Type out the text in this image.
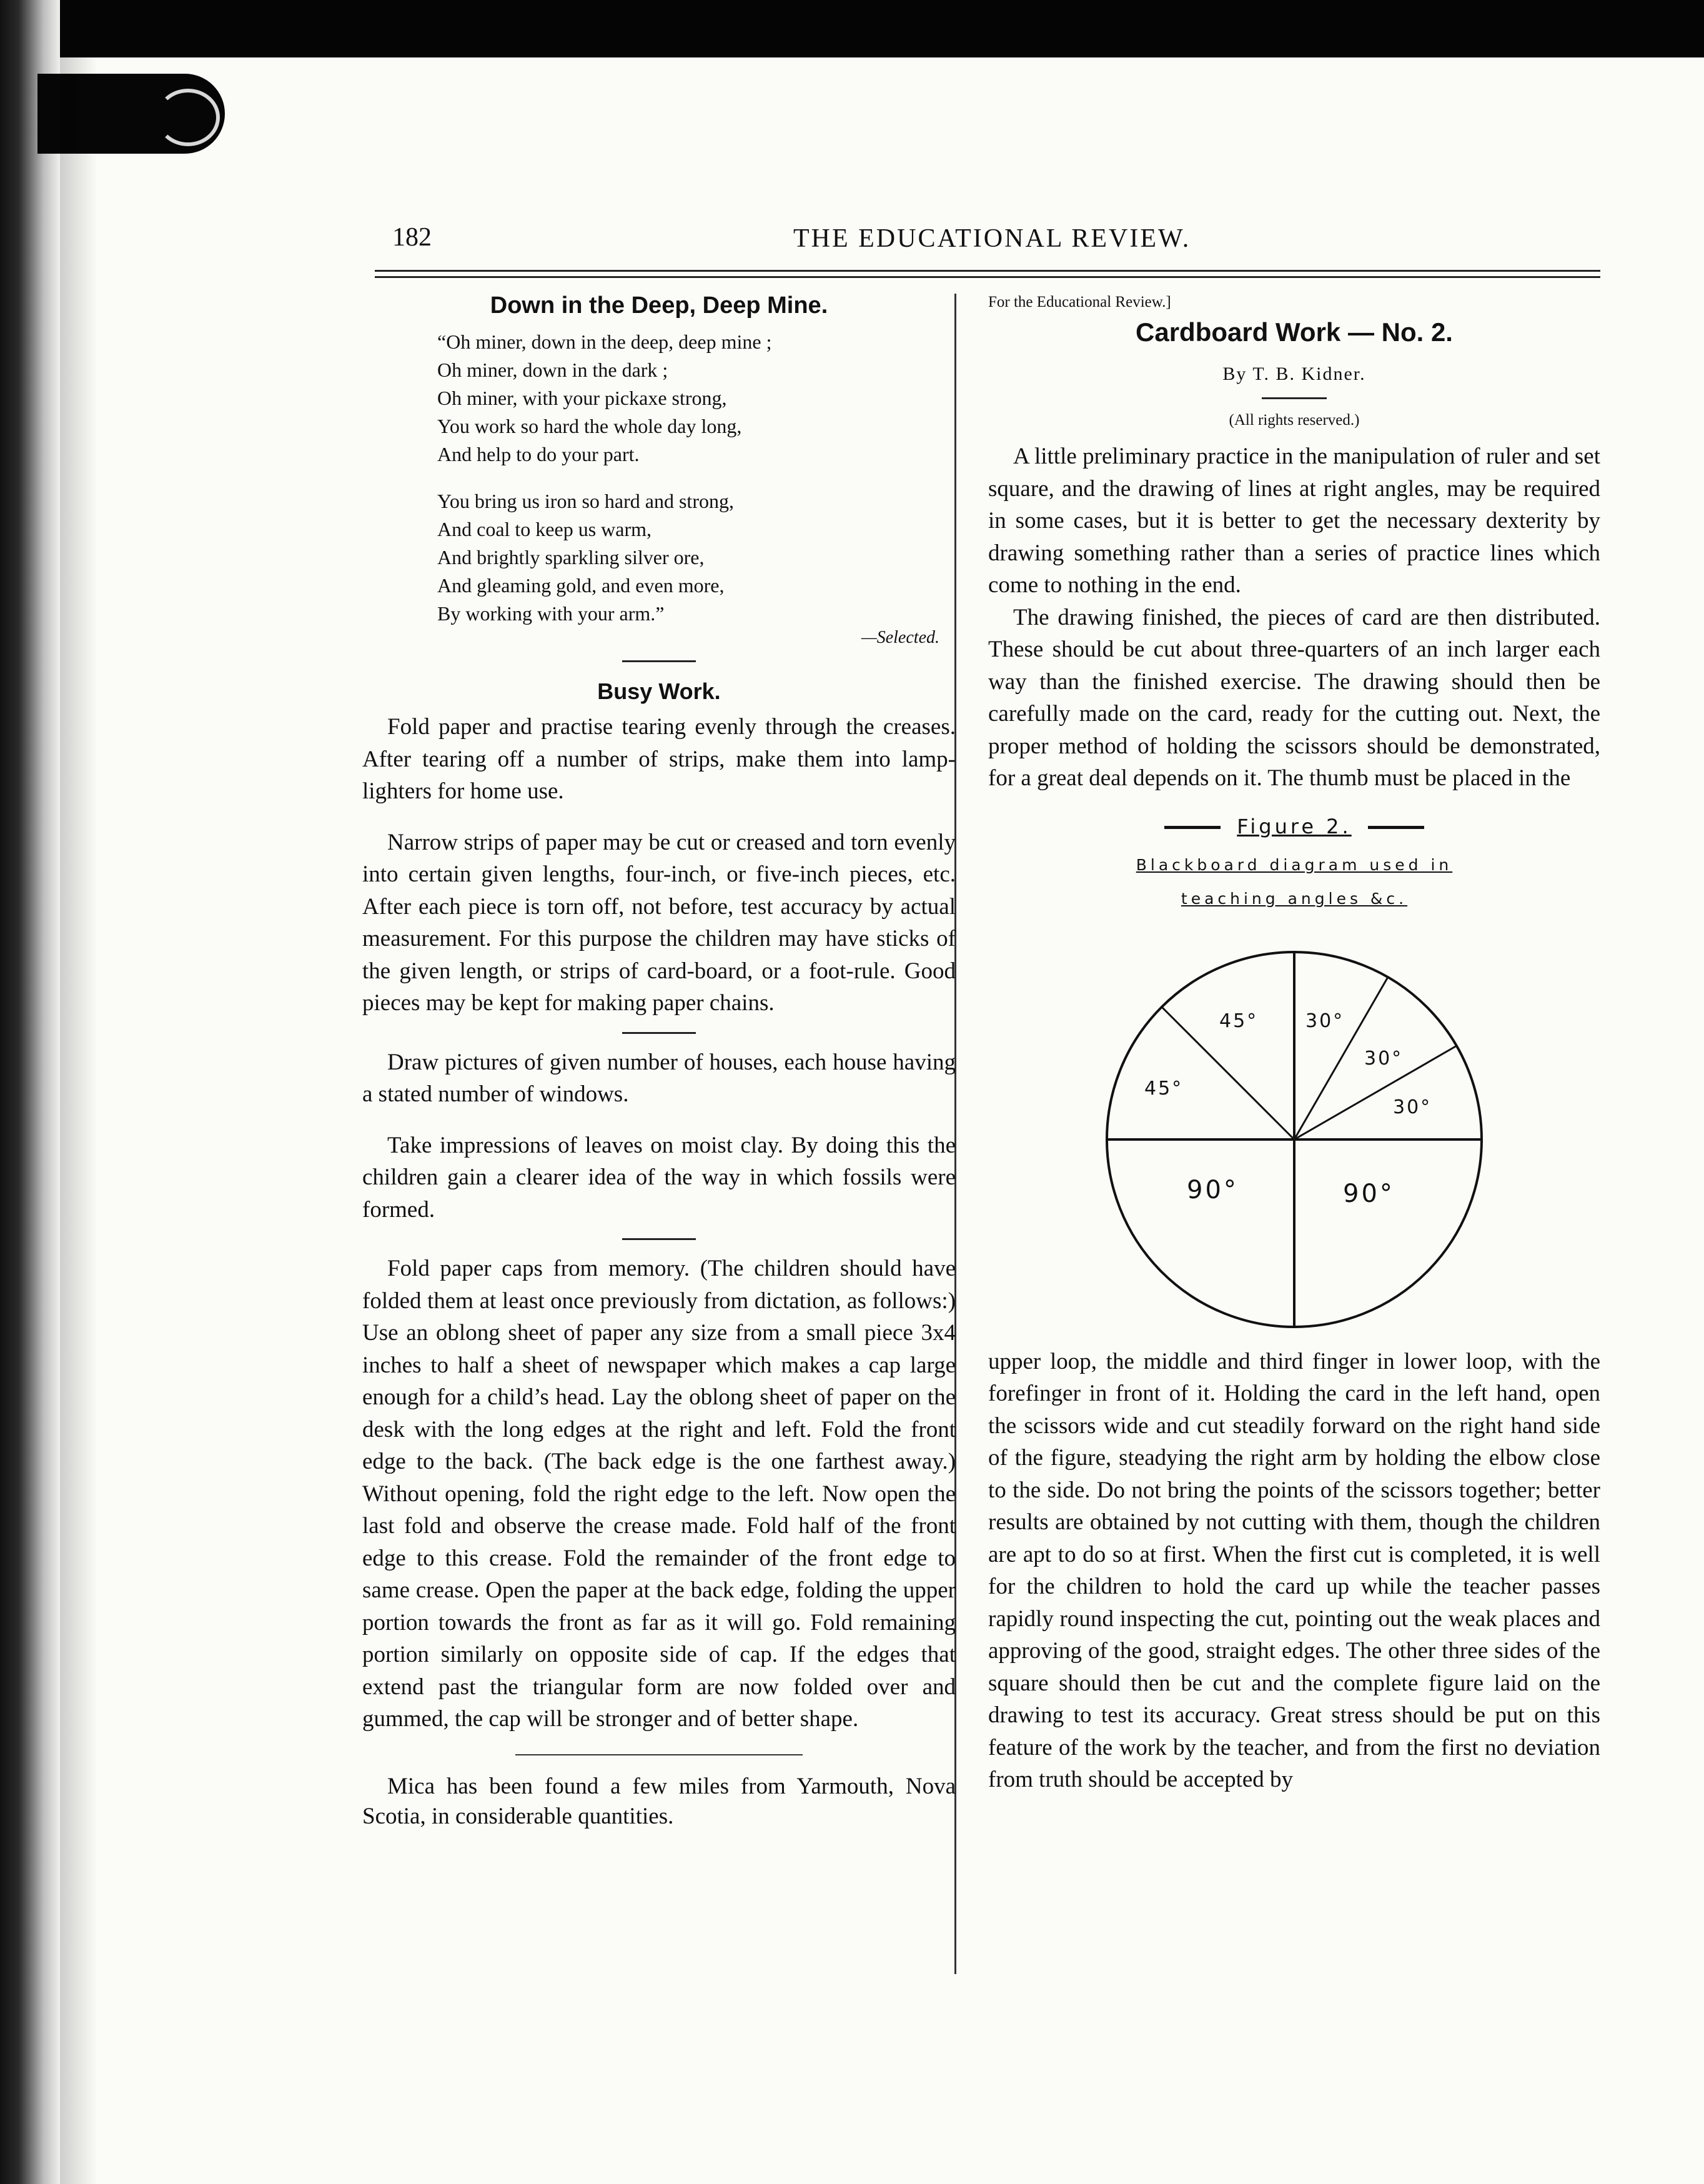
182	THE EDUCATIONAL REVIEW.
Down in the Deep, Deep Mine.
“Oh miner, down in the deep, deep mine ;
Oh miner, down in the dark ;
Oh miner, with your pickaxe strong,
You work so hard the whole day long,
And help to do your part.
You bring us iron so hard and strong,
And coal to keep us warm,
And brightly sparkling silver ore,
And gleaming gold, and even more,
By working with your arm.”

—Selected.

Busy Work.

Fold paper and practise tearing evenly through the creases. After tearing off a number of strips, make them into lamp-lighters for home use.

Narrow strips of paper may be cut or creased and torn evenly into certain given lengths, four-inch, or five-inch pieces, etc. After each piece is torn off, not before, test accuracy by actual measurement. For this purpose the children may have sticks of the given length, or strips of card-board, or a foot-rule. Good pieces may be kept for making paper chains.

Draw pictures of given number of houses, each house having a stated number of windows.

Take impressions of leaves on moist clay. By doing this the children gain a clearer idea of the way in which fossils were formed.

Fold paper caps from memory. (The children should have folded them at least once previously from dictation, as follows:) Use an oblong sheet of paper any size from a small piece 3x4 inches to half a sheet of newspaper which makes a cap large enough for a child’s head. Lay the oblong sheet of paper on the desk with the long edges at the right and left. Fold the front edge to the back. (The back edge is the one farthest away.) Without opening, fold the right edge to the left. Now open the last fold and observe the crease made. Fold half of the front edge to this crease. Fold the remainder of the front edge to same crease. Open the paper at the back edge, folding the upper portion towards the front as far as it will go. Fold remaining portion similarly on opposite side of cap. If the edges that extend past the triangular form are now folded over and gummed, the cap will be stronger and of better shape.

Mica has been found a few miles from Yarmouth, Nova Scotia, in considerable quantities.

For the Educational Review.]

Cardboard Work — No. 2.

By T. B. Kidner.

(All rights reserved.)

A little preliminary practice in the manipulation of ruler and set square, and the drawing of lines at right angles, may be required in some cases, but it is better to get the necessary dexterity by drawing something rather than a series of practice lines which come to nothing in the end.

The drawing finished, the pieces of card are then distributed. These should be cut about three-quarters of an inch larger each way than the finished exercise. The drawing should then be carefully made on the card, ready for the cutting out. Next, the proper method of holding the scissors should be demonstrated, for a great deal depends on it. The thumb must be placed in the

Figure 2.
Blackboard diagram used in
teaching angles &c.
45°	30°
30°
45°
30°
90°	90°

upper loop, the middle and third finger in lower loop, with the forefinger in front of it. Holding the card in the left hand, open the scissors wide and cut steadily forward on the right hand side of the figure, steadying the right arm by holding the elbow close to the side. Do not bring the points of the scissors together; better results are obtained by not cutting with them, though the children are apt to do so at first. When the first cut is completed, it is well for the children to hold the card up while the teacher passes rapidly round inspecting the cut, pointing out the weak places and approving of the good, straight edges. The other three sides of the square should then be cut and the complete figure laid on the drawing to test its accuracy. Great stress should be put on this feature of the work by the teacher, and from the first no deviation from truth should be accepted by
